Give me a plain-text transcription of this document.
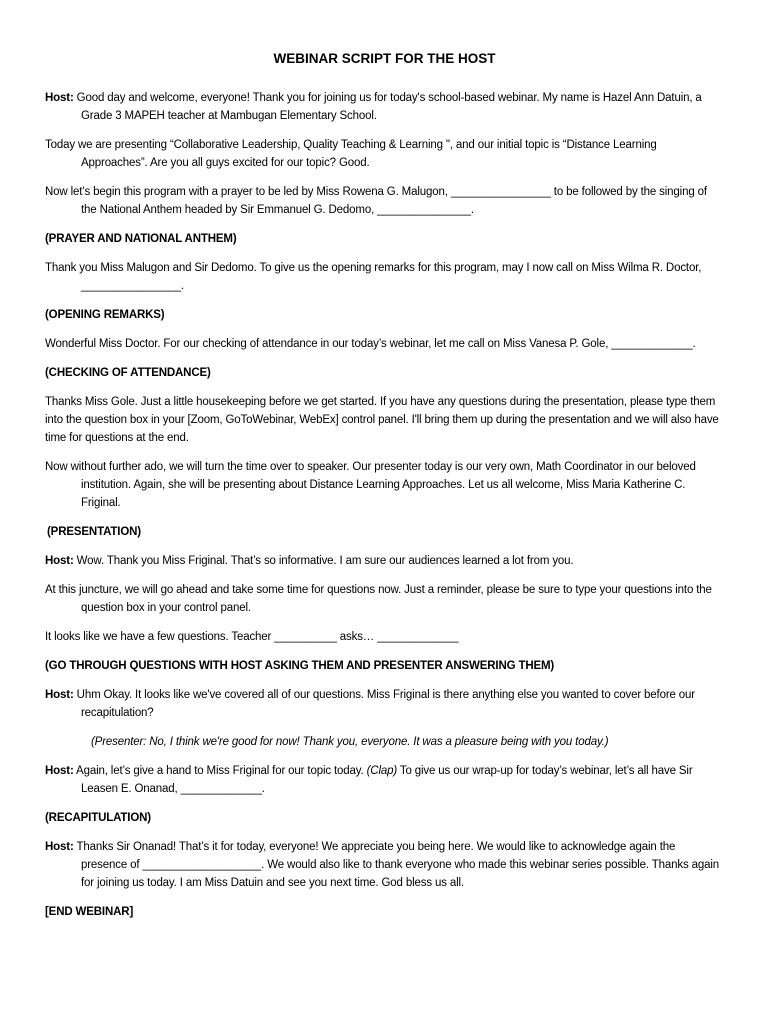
WEBINAR SCRIPT FOR THE HOST
Host: Good day and welcome, everyone! Thank you for joining us for today's school-based webinar. My name is Hazel Ann Datuin, a Grade 3 MAPEH teacher at Mambugan Elementary School.
Today we are presenting “Collaborative Leadership, Quality Teaching & Learning ", and our initial topic is “Distance Learning Approaches”. Are you all guys excited for our topic? Good.
Now let’s begin this program with a prayer to be led by Miss Rowena G. Malugon, ________________ to be followed by the singing of the National Anthem headed by Sir Emmanuel G. Dedomo, _______________.
(PRAYER AND NATIONAL ANTHEM)
Thank you Miss Malugon and Sir Dedomo. To give us the opening remarks for this program, may I now call on Miss Wilma R. Doctor, ________________.
(OPENING REMARKS)
Wonderful Miss Doctor. For our checking of attendance in our today’s webinar, let me call on Miss Vanesa P. Gole, _____________.
(CHECKING OF ATTENDANCE)
Thanks Miss Gole. Just a little housekeeping before we get started. If you have any questions during the presentation, please type them into the question box in your [Zoom, GoToWebinar, WebEx] control panel. I'll bring them up during the presentation and we will also have time for questions at the end.
Now without further ado, we will turn the time over to speaker. Our presenter today is our very own, Math Coordinator in our beloved institution. Again, she will be presenting about Distance Learning Approaches. Let us all welcome, Miss Maria Katherine C. Friginal.
(PRESENTATION)
Host: Wow. Thank you Miss Friginal. That’s so informative. I am sure our audiences learned a lot from you.
At this juncture, we will go ahead and take some time for questions now. Just a reminder, please be sure to type your questions into the question box in your control panel.
It looks like we have a few questions. Teacher __________ asks… _____________
(GO THROUGH QUESTIONS WITH HOST ASKING THEM AND PRESENTER ANSWERING THEM)
Host: Uhm Okay. It looks like we've covered all of our questions. Miss Friginal is there anything else you wanted to cover before our recapitulation?
(Presenter: No, I think we're good for now! Thank you, everyone. It was a pleasure being with you today.)
Host: Again, let’s give a hand to Miss Friginal for our topic today. (Clap) To give us our wrap-up for today’s webinar, let’s all have Sir Leasen E. Onanad, _____________.
(RECAPITULATION)
Host: Thanks Sir Onanad! That’s it for today, everyone! We appreciate you being here. We would like to acknowledge again the presence of ___________________. We would also like to thank everyone who made this webinar series possible. Thanks again for joining us today. I am Miss Datuin and see you next time. God bless us all.
[END WEBINAR]
